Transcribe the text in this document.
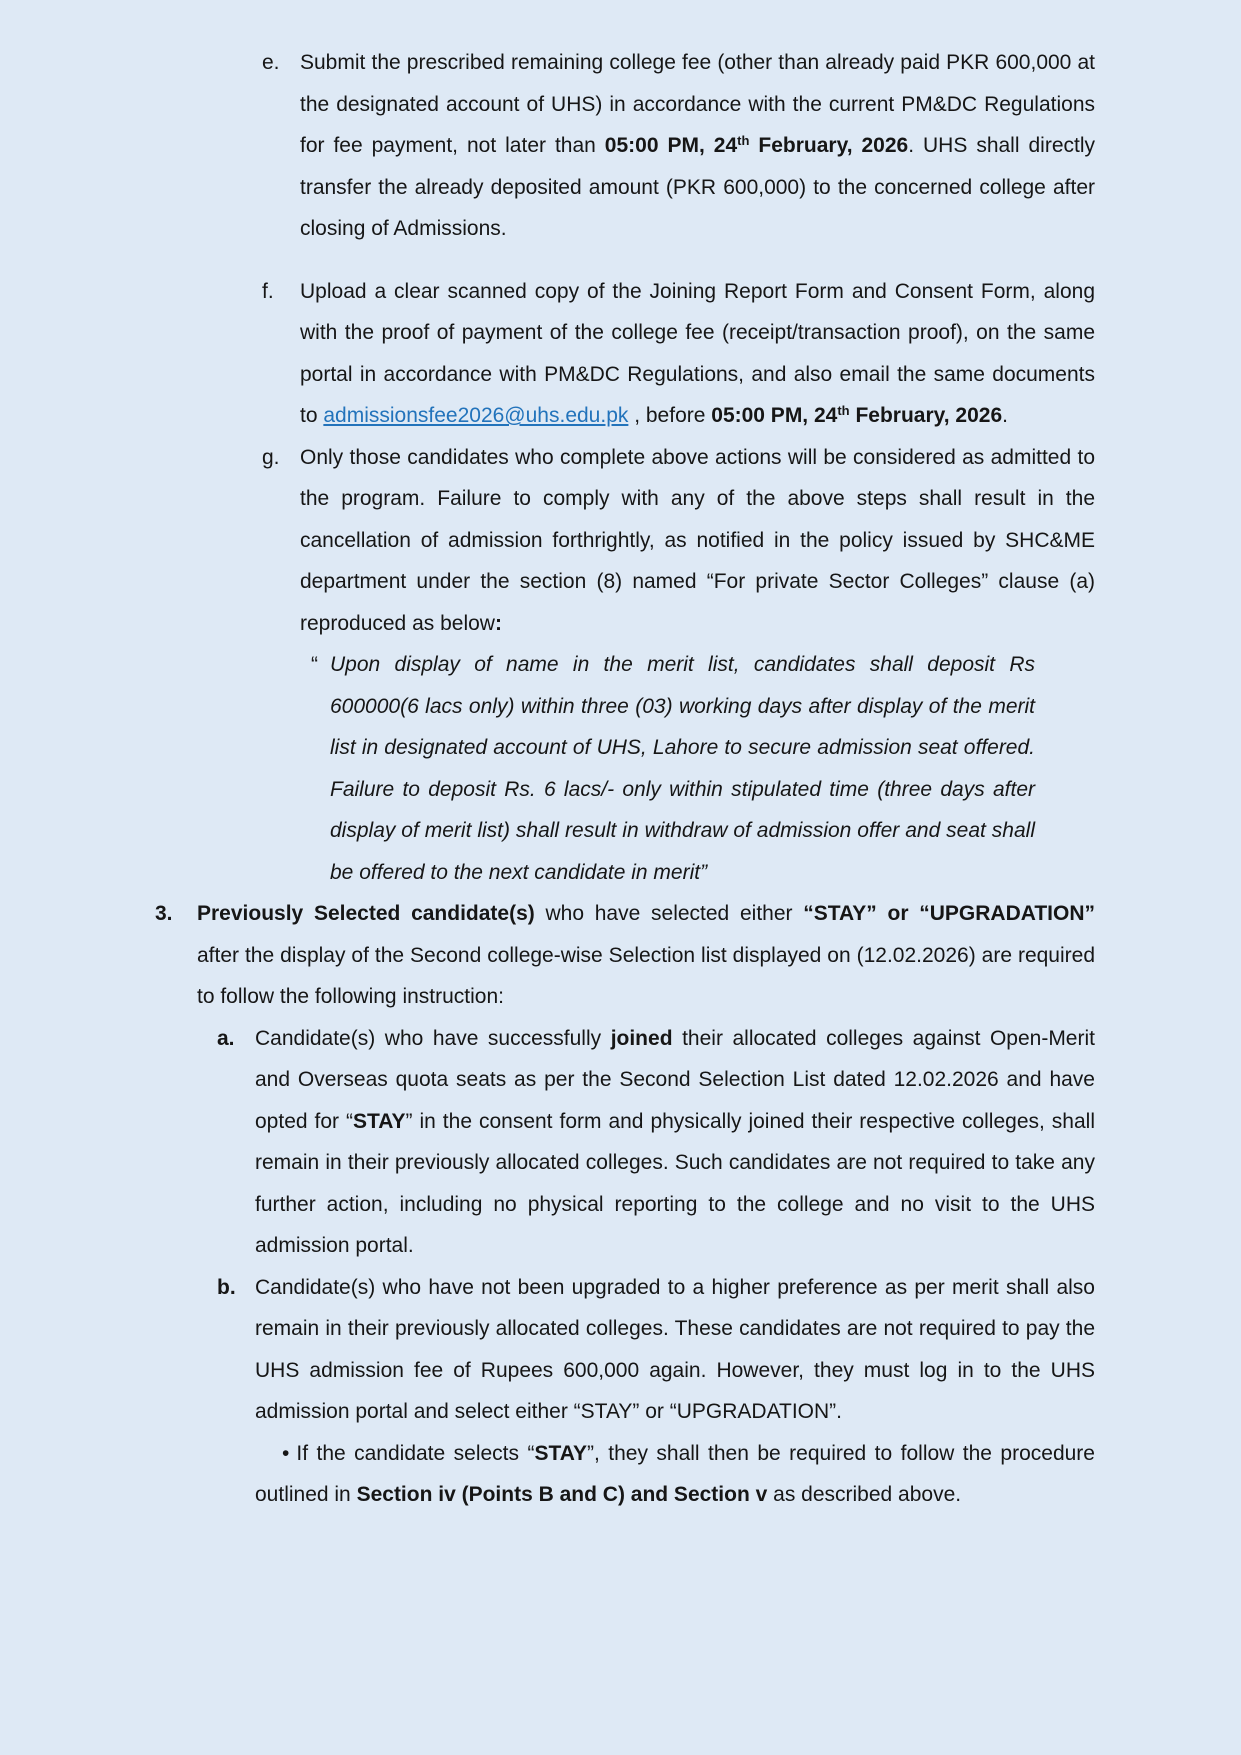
e. Submit the prescribed remaining college fee (other than already paid PKR 600,000 at the designated account of UHS) in accordance with the current PM&DC Regulations for fee payment, not later than 05:00 PM, 24th February, 2026. UHS shall directly transfer the already deposited amount (PKR 600,000) to the concerned college after closing of Admissions.
f. Upload a clear scanned copy of the Joining Report Form and Consent Form, along with the proof of payment of the college fee (receipt/transaction proof), on the same portal in accordance with PM&DC Regulations, and also email the same documents to admissionsfee2026@uhs.edu.pk , before 05:00 PM, 24th February, 2026.
g. Only those candidates who complete above actions will be considered as admitted to the program. Failure to comply with any of the above steps shall result in the cancellation of admission forthrightly, as notified in the policy issued by SHC&ME department under the section (8) named “For private Sector Colleges” clause (a) reproduced as below:
“ Upon display of name in the merit list, candidates shall deposit Rs 600000(6 lacs only) within three (03) working days after display of the merit list in designated account of UHS, Lahore to secure admission seat offered. Failure to deposit Rs. 6 lacs/- only within stipulated time (three days after display of merit list) shall result in withdraw of admission offer and seat shall be offered to the next candidate in merit”
3. Previously Selected candidate(s) who have selected either “STAY” or “UPGRADATION” after the display of the Second college-wise Selection list displayed on (12.02.2026) are required to follow the following instruction:
a. Candidate(s) who have successfully joined their allocated colleges against Open-Merit and Overseas quota seats as per the Second Selection List dated 12.02.2026 and have opted for “STAY” in the consent form and physically joined their respective colleges, shall remain in their previously allocated colleges. Such candidates are not required to take any further action, including no physical reporting to the college and no visit to the UHS admission portal.
b. Candidate(s) who have not been upgraded to a higher preference as per merit shall also remain in their previously allocated colleges. These candidates are not required to pay the UHS admission fee of Rupees 600,000 again. However, they must log in to the UHS admission portal and select either “STAY” or “UPGRADATION”.
• If the candidate selects “STAY”, they shall then be required to follow the procedure outlined in Section iv (Points B and C) and Section v as described above.
